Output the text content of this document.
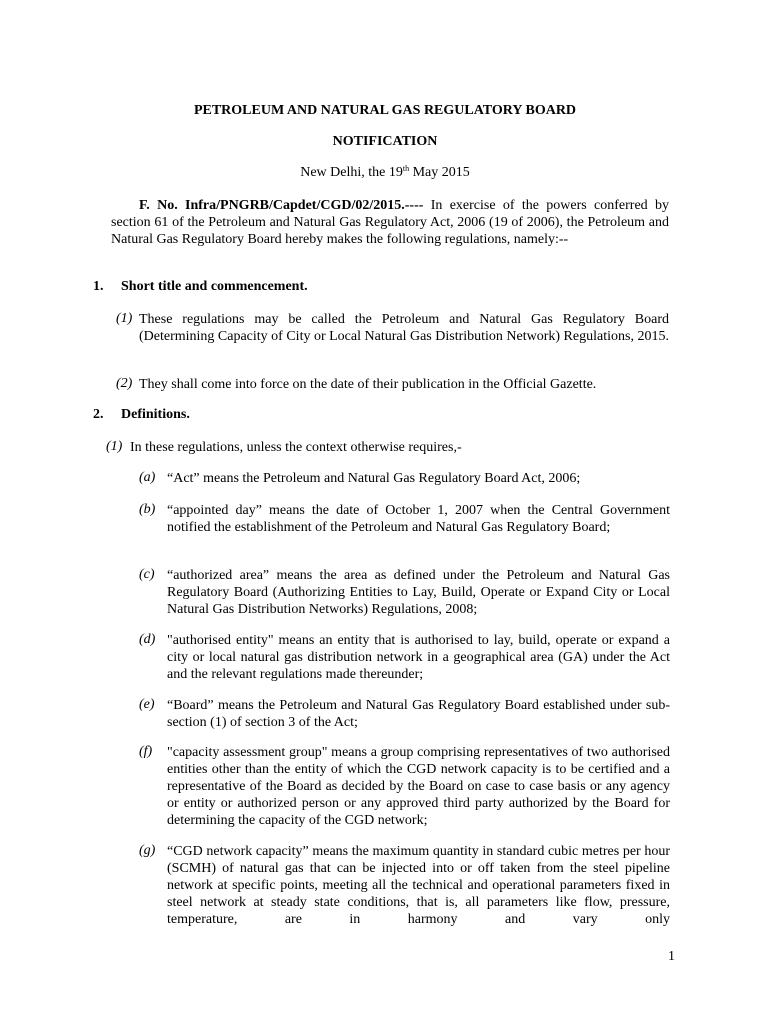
PETROLEUM AND NATURAL GAS REGULATORY BOARD
NOTIFICATION
New Delhi, the 19th May 2015
F. No. Infra/PNGRB/Capdet/CGD/02/2015.---- In exercise of the powers conferred by section 61 of the Petroleum and Natural Gas Regulatory Act, 2006 (19 of 2006), the Petroleum and Natural Gas Regulatory Board hereby makes the following regulations, namely:--
1. Short title and commencement.
(1) These regulations may be called the Petroleum and Natural Gas Regulatory Board (Determining Capacity of City or Local Natural Gas Distribution Network) Regulations, 2015.
(2) They shall come into force on the date of their publication in the Official Gazette.
2. Definitions.
(1) In these regulations, unless the context otherwise requires,-
(a) “Act” means the Petroleum and Natural Gas Regulatory Board Act, 2006;
(b) “appointed day” means the date of October 1, 2007 when the Central Government notified the establishment of the Petroleum and Natural Gas Regulatory Board;
(c) “authorized area” means the area as defined under the Petroleum and Natural Gas Regulatory Board (Authorizing Entities to Lay, Build, Operate or Expand City or Local Natural Gas Distribution Networks) Regulations, 2008;
(d) "authorised entity" means an entity that is authorised to lay, build, operate or expand a city or local natural gas distribution network in a geographical area (GA) under the Act and the relevant regulations made thereunder;
(e) “Board” means the Petroleum and Natural Gas Regulatory Board established under sub-section (1) of section 3 of the Act;
(f) "capacity assessment group" means a group comprising representatives of two authorised entities other than the entity of which the CGD network capacity is to be certified and a representative of the Board as decided by the Board on case to case basis or any agency or entity or authorized person or any approved third party authorized by the Board for determining the capacity of the CGD network;
(g) “CGD network capacity” means the maximum quantity in standard cubic metres per hour (SCMH) of natural gas that can be injected into or off taken from the steel pipeline network at specific points, meeting all the technical and operational parameters fixed in steel network at steady state conditions, that is, all parameters like flow, pressure, temperature, are in harmony and vary only
1
